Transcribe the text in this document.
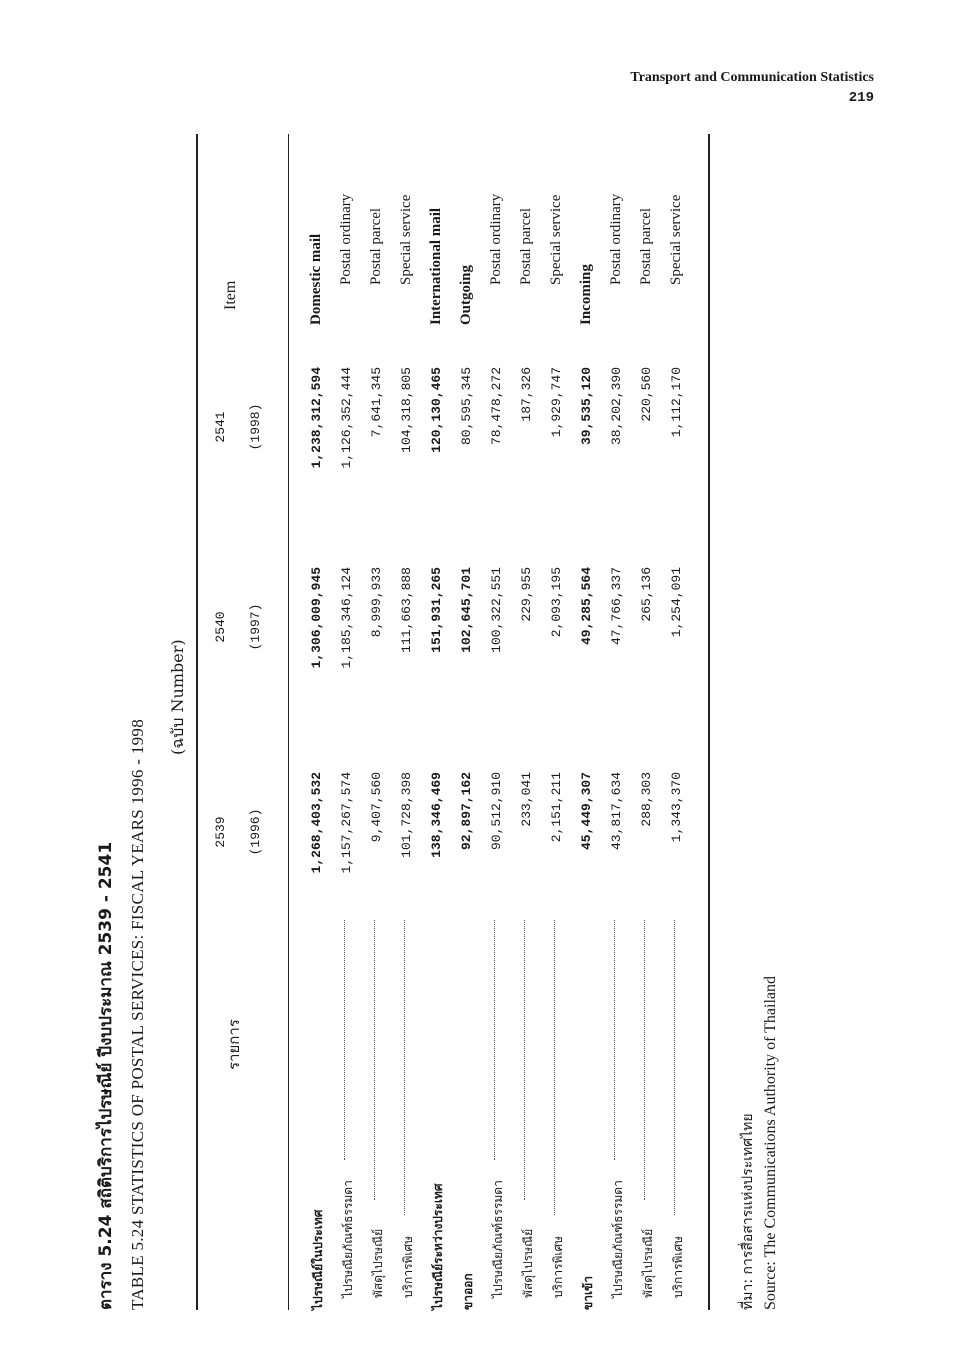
Transport and Communication Statistics
219
ตาราง 5.24 สถิติบริการไปรษณีย์ ปีงบประมาณ 2539 - 2541 TABLE 5.24 STATISTICS OF POSTAL SERVICES: FISCAL YEARS 1996 - 1998
(ฉบับ Number)
รายการ
Item
2539 (1996)
2540 (1997)
2541 (1998)
ไปรษณีย์ในประเทศ
1,268,403,532
1,306,009,945
1,238,312,594
Domestic mail
ไปรษณียภัณฑ์ธรรมดา
1,157,267,574
1,185,346,124
1,126,352,444
Postal ordinary
พัสดุไปรษณีย์
9,407,560
8,999,933
7,641,345
Postal parcel
บริการพิเศษ
101,728,398
111,663,888
104,318,805
Special service
ไปรษณีย์ระหว่างประเทศ
138,346,469
151,931,265
120,130,465
International mail
ขาออก
92,897,162
102,645,701
80,595,345
Outgoing
ไปรษณียภัณฑ์ธรรมดา
90,512,910
100,322,551
78,478,272
Postal ordinary
พัสดุไปรษณีย์
233,041
229,955
187,326
Postal parcel
บริการพิเศษ
2,151,211
2,093,195
1,929,747
Special service
ขาเข้า
45,449,307
49,285,564
39,535,120
Incoming
ไปรษณียภัณฑ์ธรรมดา
43,817,634
47,766,337
38,202,390
Postal ordinary
พัสดุไปรษณีย์
288,303
265,136
220,560
Postal parcel
บริการพิเศษ
1,343,370
1,254,091
1,112,170
Special service
ที่มา: การสื่อสารแห่งประเทศไทย Source: The Communications Authority of Thailand
